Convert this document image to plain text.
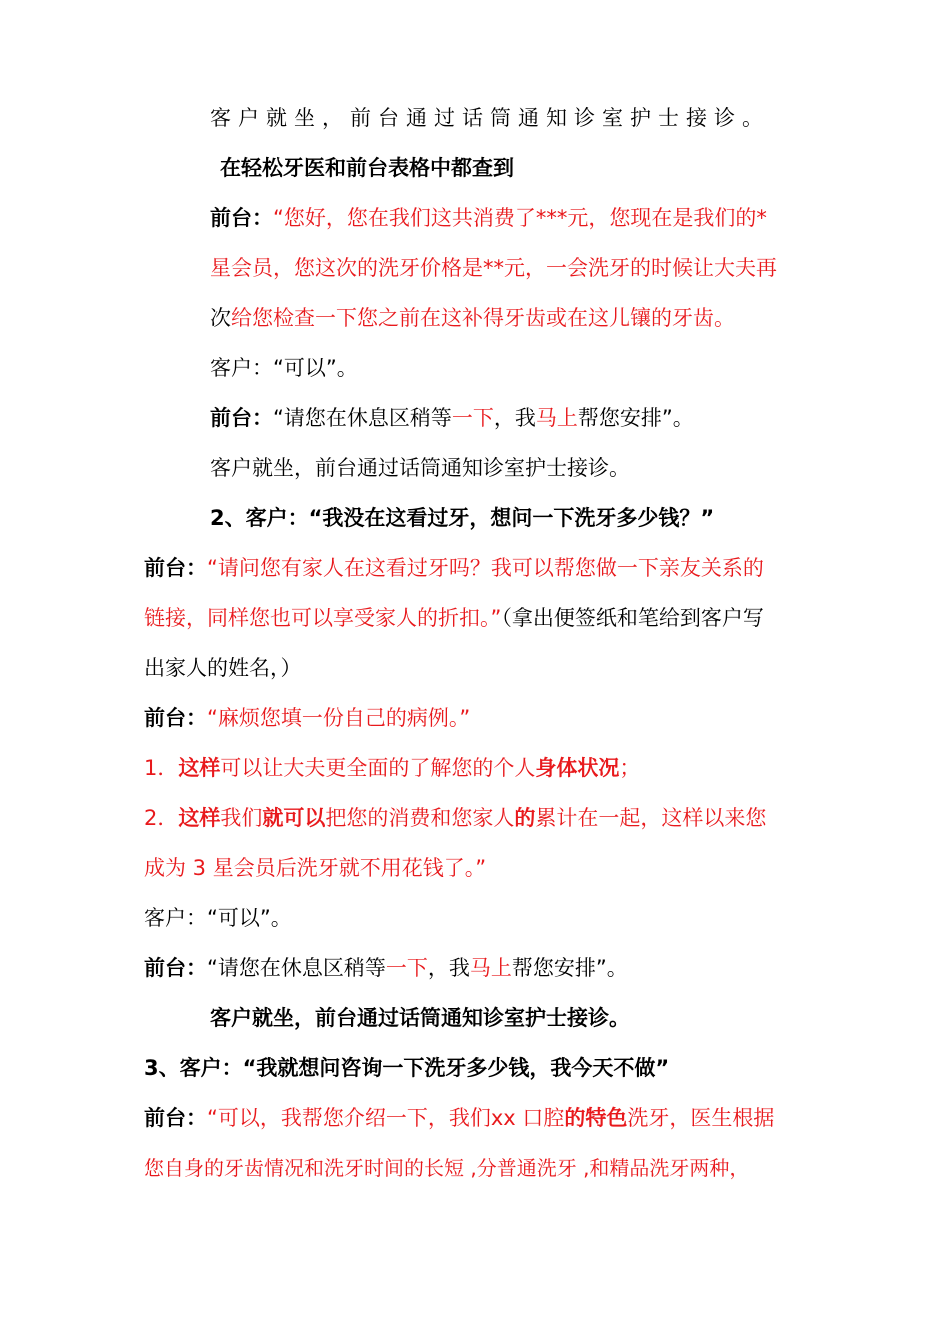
客户就坐，前台通过话筒通知诊室护士接诊。
在轻松牙医和前台表格中都查到
前台：“您好，您在我们这共消费了***元，您现在是我们的*
星会员，您这次的洗牙价格是**元，一会洗牙的时候让大夫再
次给您检查一下您之前在这补得牙齿或在这儿镶的牙齿。
客户：“可以”。
前台：“请您在休息区稍等一下，我马上帮您安排”。
客户就坐，前台通过话筒通知诊室护士接诊。
2、客户：“我没在这看过牙，想问一下洗牙多少钱？”
前台：“请问您有家人在这看过牙吗？我可以帮您做一下亲友关系的
链接，同样您也可以享受家人的折扣。”（拿出便签纸和笔给到客户写
出家人的姓名，）
前台：“麻烦您填一份自己的病例。”
1．这样可以让大夫更全面的了解您的个人身体状况；
2．这样我们就可以把您的消费和您家人的累计在一起，这样以来您
成为 3 星会员后洗牙就不用花钱了。”
客户：“可以”。
前台：“请您在休息区稍等一下，我马上帮您安排”。
客户就坐，前台通过话筒通知诊室护士接诊。
3、客户：“我就想问咨询一下洗牙多少钱，我今天不做”
前台：“可以，我帮您介绍一下，我们xx 口腔的特色洗牙，医生根据
您自身的牙齿情况和洗牙时间的长短 ,分普通洗牙 ,和精品洗牙两种，
